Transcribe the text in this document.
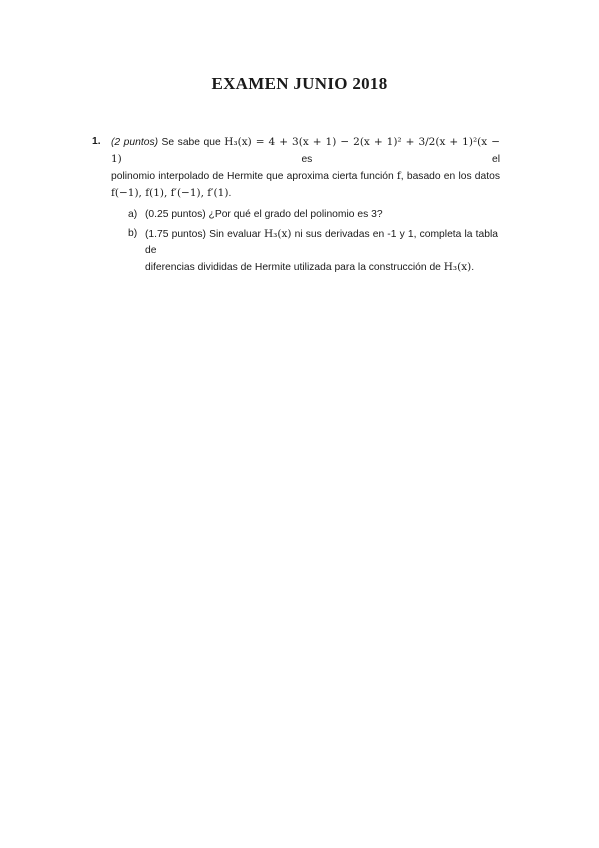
EXAMEN JUNIO 2018
1. (2 puntos) Se sabe que H₃(x) = 4 + 3(x + 1) − 2(x + 1)² + 3/2(x + 1)²(x − 1) es el
polinomio interpolado de Hermite que aproxima cierta función f, basado en los datos
f(−1), f(1), f′(−1), f′(1).
a) (0.25 puntos) ¿Por qué el grado del polinomio es 3?
b) (1.75 puntos) Sin evaluar H₃(x) ni sus derivadas en -1 y 1, completa la tabla de
diferencias divididas de Hermite utilizada para la construcción de H₃(x).
